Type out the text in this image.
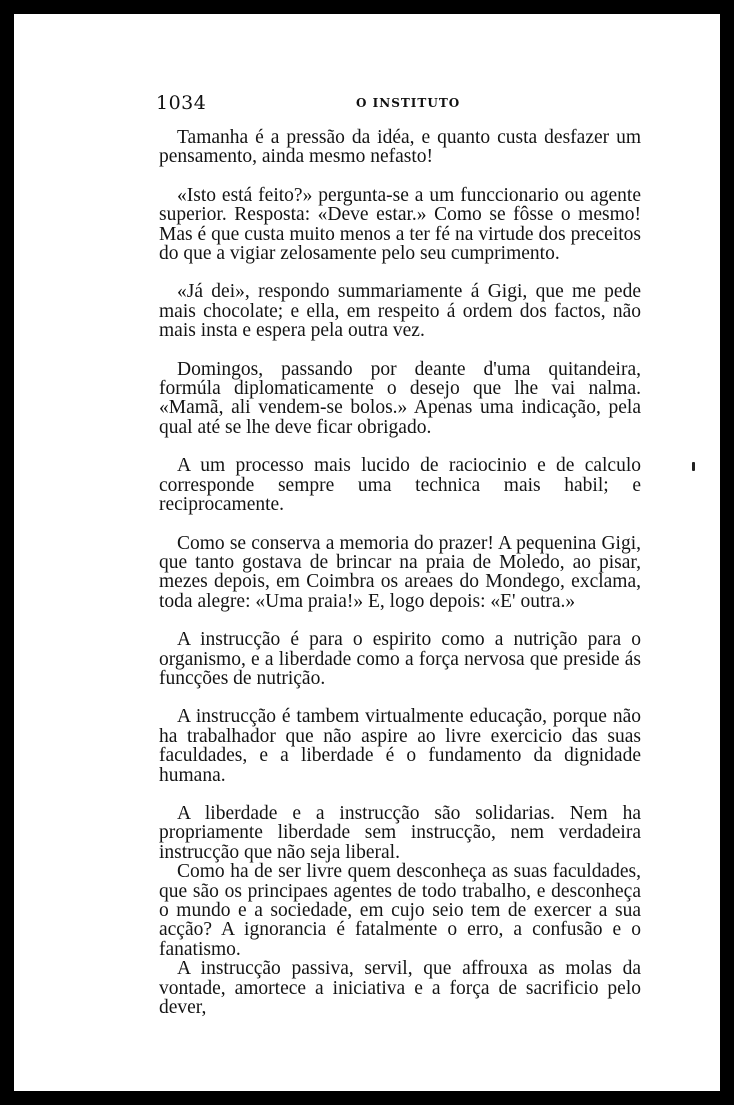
1034	O INSTITUTO

Tamanha é a pressão da idéa, e quanto custa desfazer um pensamento, ainda mesmo nefasto!

«Isto está feito?» pergunta-se a um funccionario ou agente superior. Resposta: «Deve estar.» Como se fôsse o mesmo! Mas é que custa muito menos a ter fé na virtude dos preceitos do que a vigiar zelosamente pelo seu cumprimento.

«Já dei», respondo summariamente á Gigi, que me pede mais chocolate; e ella, em respeito á ordem dos factos, não mais insta e espera pela outra vez.

Domingos, passando por deante d'uma quitandeira, formúla diplomaticamente o desejo que lhe vai nalma. «Mamã, ali vendem-se bolos.» Apenas uma indicação, pela qual até se lhe deve ficar obrigado.

A um processo mais lucido de raciocinio e de calculo corresponde sempre uma technica mais habil; e reciprocamente.

Como se conserva a memoria do prazer! A pequenina Gigi, que tanto gostava de brincar na praia de Moledo, ao pisar, mezes depois, em Coimbra os areaes do Mondego, exclama, toda alegre: «Uma praia!» E, logo depois: «E' outra.»

A instrucção é para o espirito como a nutrição para o organismo, e a liberdade como a força nervosa que preside ás funcções de nutrição.

A instrucção é tambem virtualmente educação, porque não ha trabalhador que não aspire ao livre exercicio das suas faculdades, e a liberdade é o fundamento da dignidade humana.

A liberdade e a instrucção são solidarias. Nem ha propriamente liberdade sem instrucção, nem verdadeira instrucção que não seja liberal.

Como ha de ser livre quem desconheça as suas faculdades, que são os principaes agentes de todo trabalho, e desconheça o mundo e a sociedade, em cujo seio tem de exercer a sua acção? A ignorancia é fatalmente o erro, a confusão e o fanatismo.

A instrucção passiva, servil, que affrouxa as molas da vontade, amortece a iniciativa e a força de sacrificio pelo dever,
